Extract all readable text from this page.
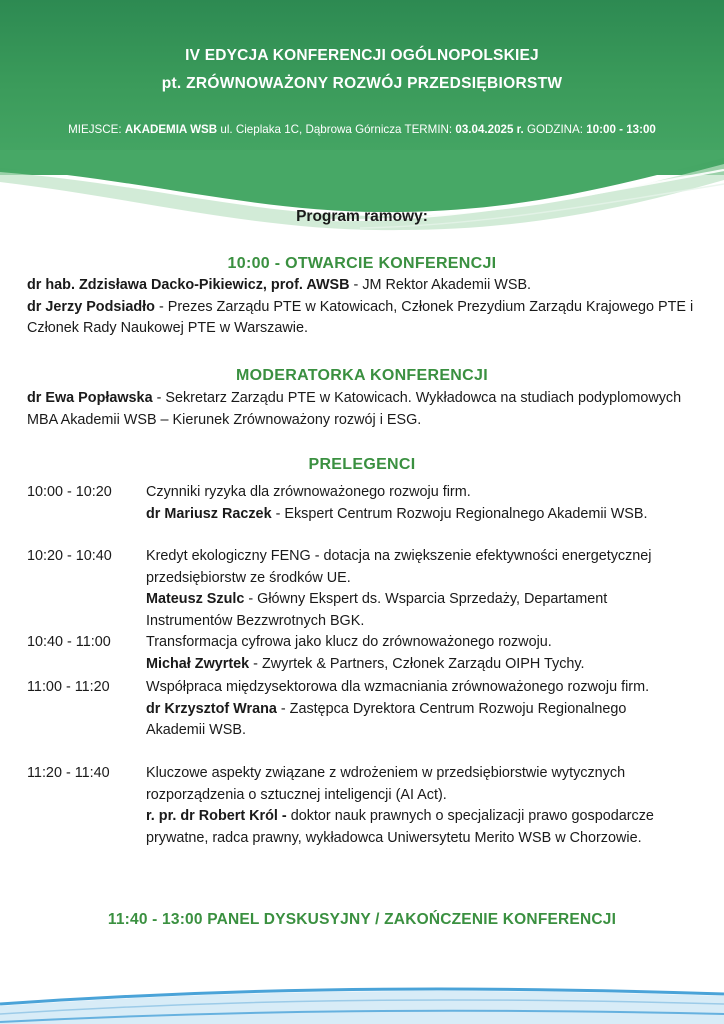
IV EDYCJA KONFERENCJI OGÓLNOPOLSKIEJ
pt. ZRÓWNOWAŻONY ROZWÓJ PRZEDSIĘBIORSTW
MIEJSCE: AKADEMIA WSB ul. Cieplaka 1C, Dąbrowa Górnicza TERMIN: 03.04.2025 r. GODZINA: 10:00 - 13:00
Program ramowy:
10:00 - OTWARCIE KONFERENCJI
dr hab. Zdzisława Dacko-Pikiewicz, prof. AWSB - JM Rektor Akademii WSB.
dr Jerzy Podsiadło - Prezes Zarządu PTE w Katowicach, Członek Prezydium Zarządu Krajowego PTE i Członek Rady Naukowej PTE w Warszawie.
MODERATORKA KONFERENCJI
dr Ewa Popławska - Sekretarz Zarządu PTE w Katowicach. Wykładowca na studiach podyplomowych MBA Akademii WSB – Kierunek Zrównoważony rozwój i ESG.
PRELEGENCI
10:00 - 10:20	Czynniki ryzyka dla zrównoważonego rozwoju firm.
dr Mariusz Raczek - Ekspert Centrum Rozwoju Regionalnego Akademii WSB.
10:20 - 10:40	Kredyt ekologiczny FENG - dotacja na zwiększenie efektywności energetycznej przedsiębiorstw ze środków UE.
Mateusz Szulc - Główny Ekspert ds. Wsparcia Sprzedaży, Departament Instrumentów Bezzwrotnych BGK.
10:40 - 11:00	Transformacja cyfrowa jako klucz do zrównoważonego rozwoju.
Michał Zwyrtek - Zwyrtek & Partners, Członek Zarządu OIPH Tychy.
11:00 - 11:20	Współpraca międzysektorowa dla wzmacniania zrównoważonego rozwoju firm.
dr Krzysztof Wrana - Zastępca Dyrektora Centrum Rozwoju Regionalnego Akademii WSB.
11:20 - 11:40	Kluczowe aspekty związane z wdrożeniem w przedsiębiorstwie wytycznych rozporządzenia o sztucznej inteligencji (AI Act).
r. pr. dr Robert Król - doktor nauk prawnych o specjalizacji prawo gospodarcze prywatne, radca prawny, wykładowca Uniwersytetu Merito WSB w Chorzowie.
11:40 - 13:00 PANEL DYSKUSYJNY / ZAKOŃCZENIE KONFERENCJI
